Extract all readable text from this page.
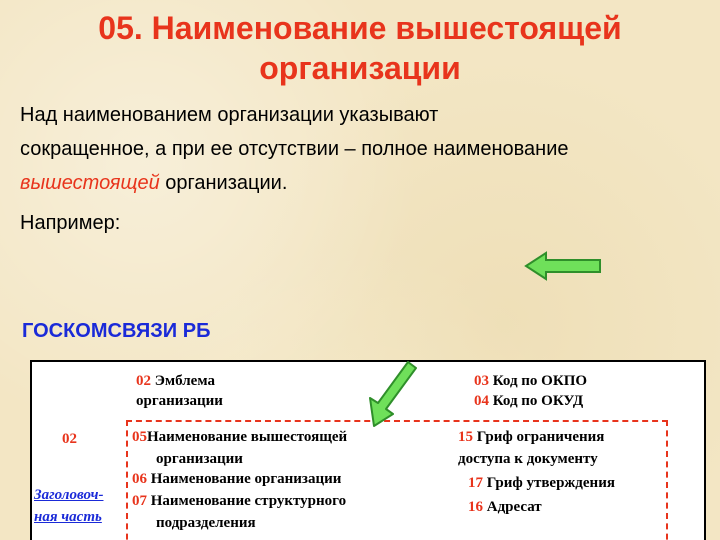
05. Наименование вышестоящей
организации
Над наименованием организации указывают
сокращенное, а при ее отсутствии – полное наименование
вышестоящей организации.
Например:
ГОСКОМСВЯЗИ РБ
02 Эмблема
организации
03 Код по ОКПО
04 Код по ОКУД
02
Заголовоч-
ная часть
05Наименование вышестоящей
организации
06 Наименование организации
07 Наименование структурного
подразделения
15 Гриф ограничения
доступа к документу
17 Гриф утверждения
16 Адресат
